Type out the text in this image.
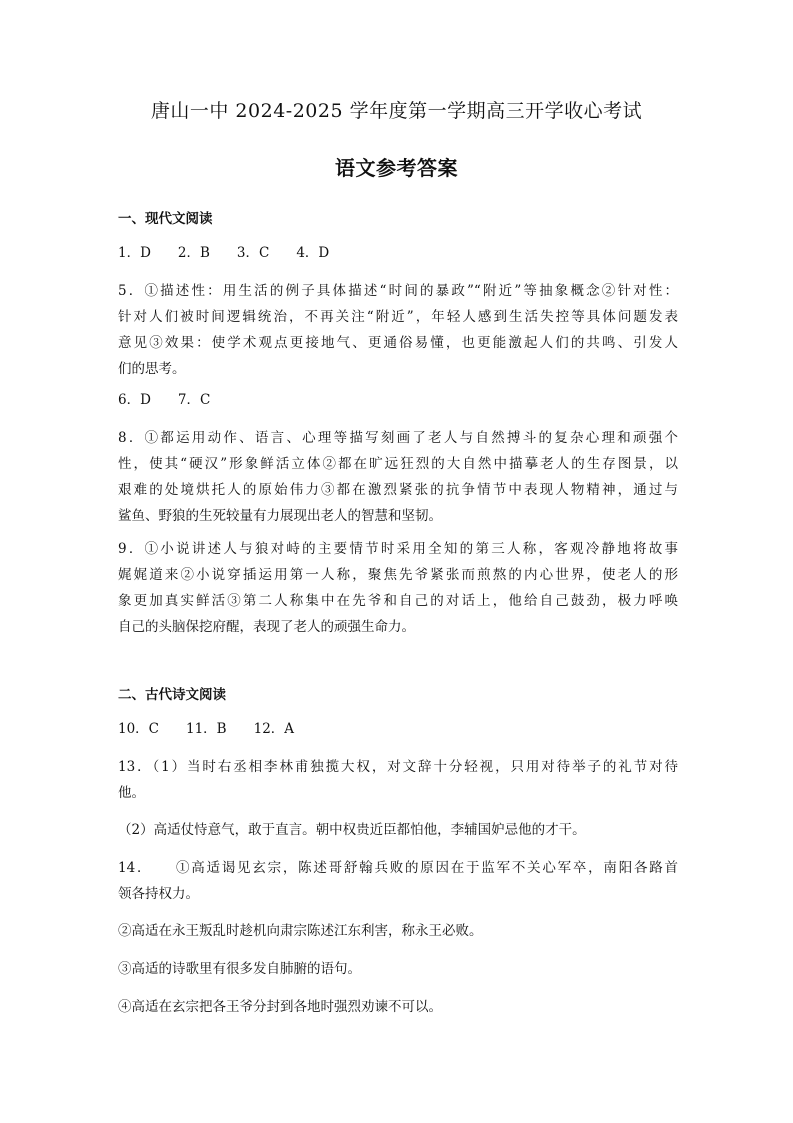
唐山一中 2024-2025 学年度第一学期高三开学收心考试
语文参考答案
一、现代文阅读
1．D　　2．B　　3．C　　4．D
5．①描述性：用生活的例子具体描述“时间的暴政”“附近”等抽象概念②针对性：
针对人们被时间逻辑统治，不再关注“附近”，年轻人感到生活失控等具体问题发表
意见③效果：使学术观点更接地气、更通俗易懂，也更能激起人们的共鸣、引发人
们的思考。
6．D　　7．C
8．①都运用动作、语言、心理等描写刻画了老人与自然搏斗的复杂心理和顽强个
性，使其“硬汉”形象鲜活立体②都在旷远狂烈的大自然中描摹老人的生存图景，以
艰难的处境烘托人的原始伟力③都在激烈紧张的抗争情节中表现人物精神，通过与
鲨鱼、野狼的生死较量有力展现出老人的智慧和坚韧。
9．①小说讲述人与狼对峙的主要情节时采用全知的第三人称，客观冷静地将故事
娓娓道来②小说穿插运用第一人称，聚焦先爷紧张而煎熬的内心世界，使老人的形
象更加真实鲜活③第二人称集中在先爷和自己的对话上，他给自己鼓劲，极力呼唤
自己的头脑保挖府醒，表现了老人的顽强生命力。
二、古代诗文阅读
10．C　　11．B　　12．A
13．（1）当时右丞相李林甫独揽大权，对文辞十分轻视，只用对待举子的礼节对待
他。
（2）高适仗恃意气，敢于直言。朝中权贵近臣都怕他，李辅国妒忌他的才干。
14．　　①高适谒见玄宗，陈述哥舒翰兵败的原因在于监军不关心军卒，南阳各路首
领各持权力。
②高适在永王叛乱时趁机向肃宗陈述江东利害，称永王必败。
③高适的诗歌里有很多发自肺腑的语句。
④高适在玄宗把各王爷分封到各地时强烈劝谏不可以。
